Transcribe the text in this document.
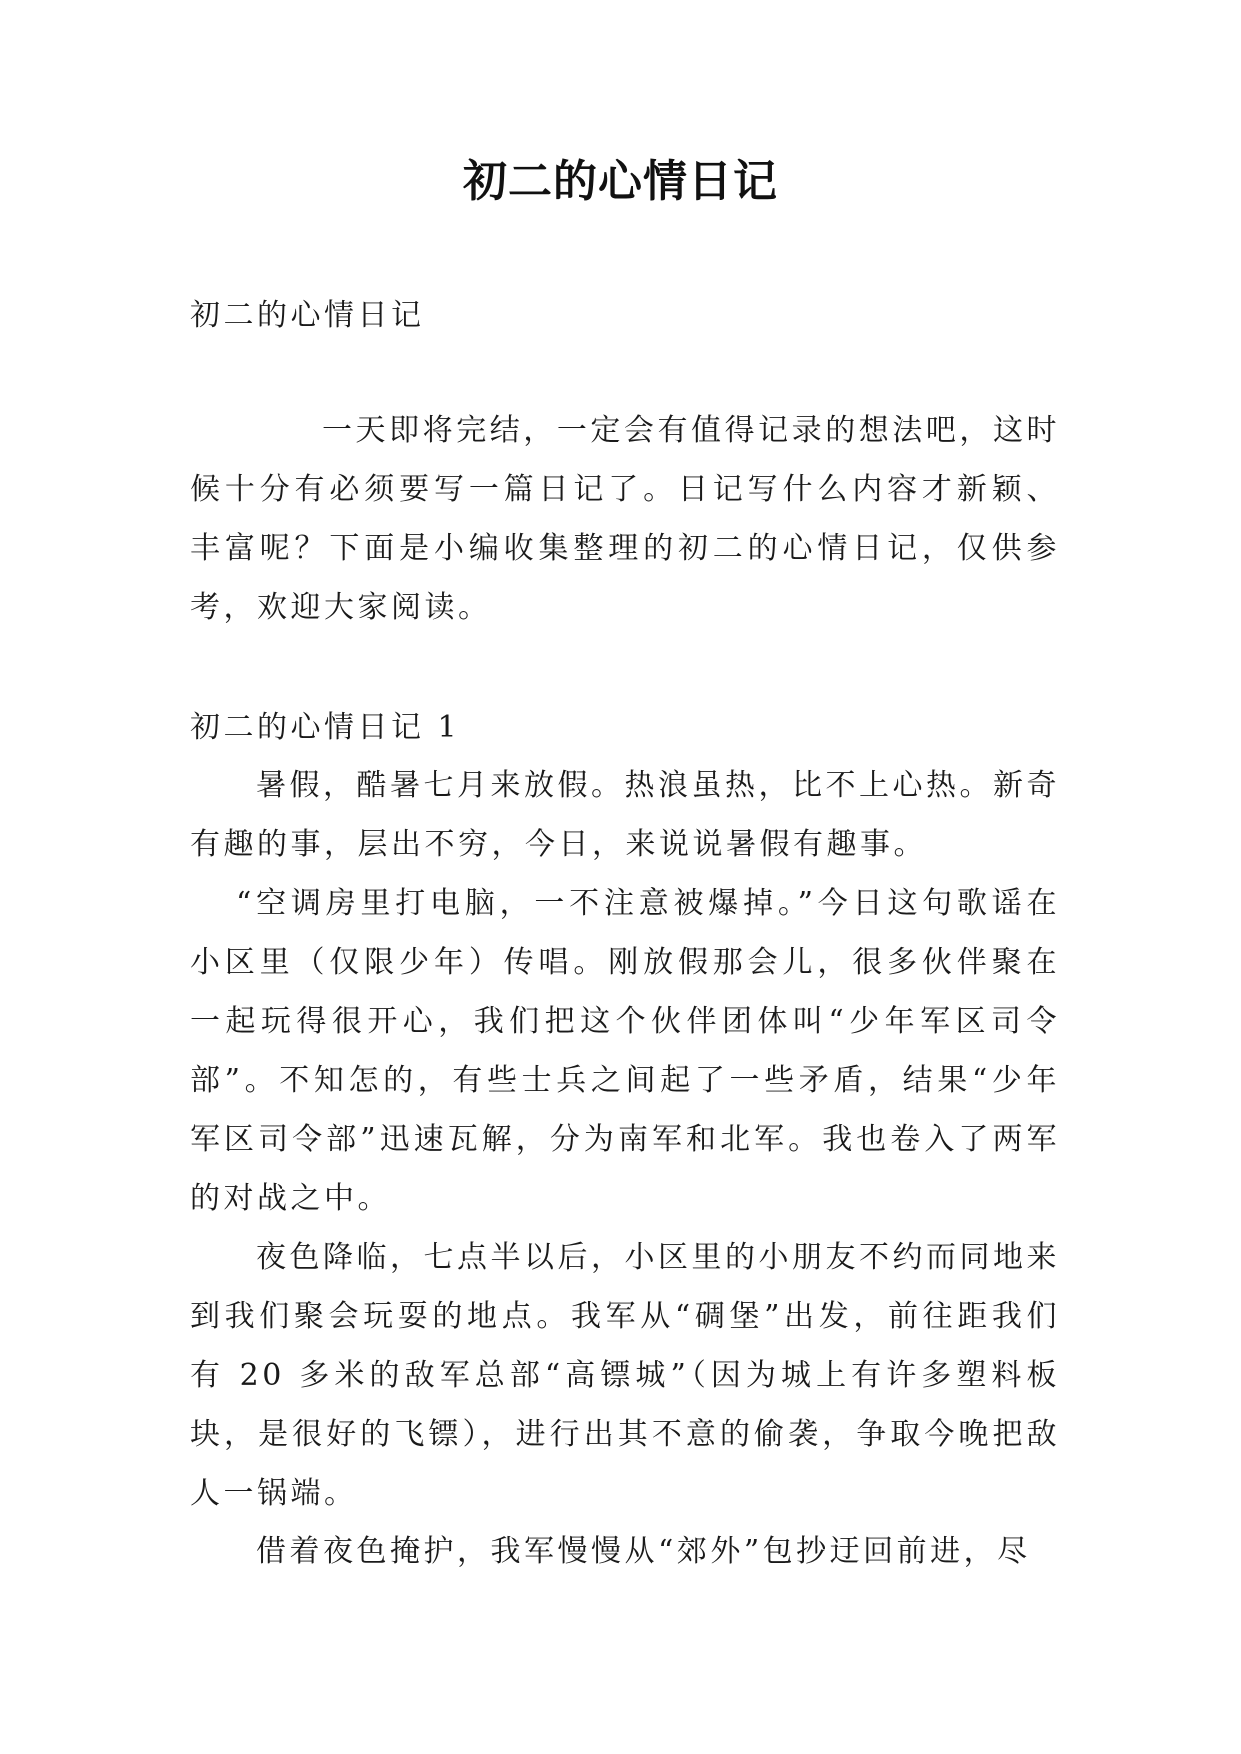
初二的心情日记

初二的心情日记

一天即将完结，一定会有值得记录的想法吧，这时候十分有必须要写一篇日记了。日记写什么内容才新颖、丰富呢？下面是小编收集整理的初二的心情日记，仅供参考，欢迎大家阅读。

初二的心情日记 1

暑假，酷暑七月来放假。热浪虽热，比不上心热。新奇有趣的事，层出不穷，今日，来说说暑假有趣事。

“空调房里打电脑，一不注意被爆掉。”今日这句歌谣在小区里（仅限少年）传唱。刚放假那会儿，很多伙伴聚在一起玩得很开心，我们把这个伙伴团体叫“少年军区司令部”。不知怎的，有些士兵之间起了一些矛盾，结果“少年军区司令部”迅速瓦解，分为南军和北军。我也卷入了两军的对战之中。

夜色降临，七点半以后，小区里的小朋友不约而同地来到我们聚会玩耍的地点。我军从“碉堡”出发，前往距我们有 20 多米的敌军总部“高镖城”（因为城上有许多塑料板块，是很好的飞镖），进行出其不意的偷袭，争取今晚把敌人一锅端。

借着夜色掩护，我军慢慢从“郊外”包抄迂回前进，尽
